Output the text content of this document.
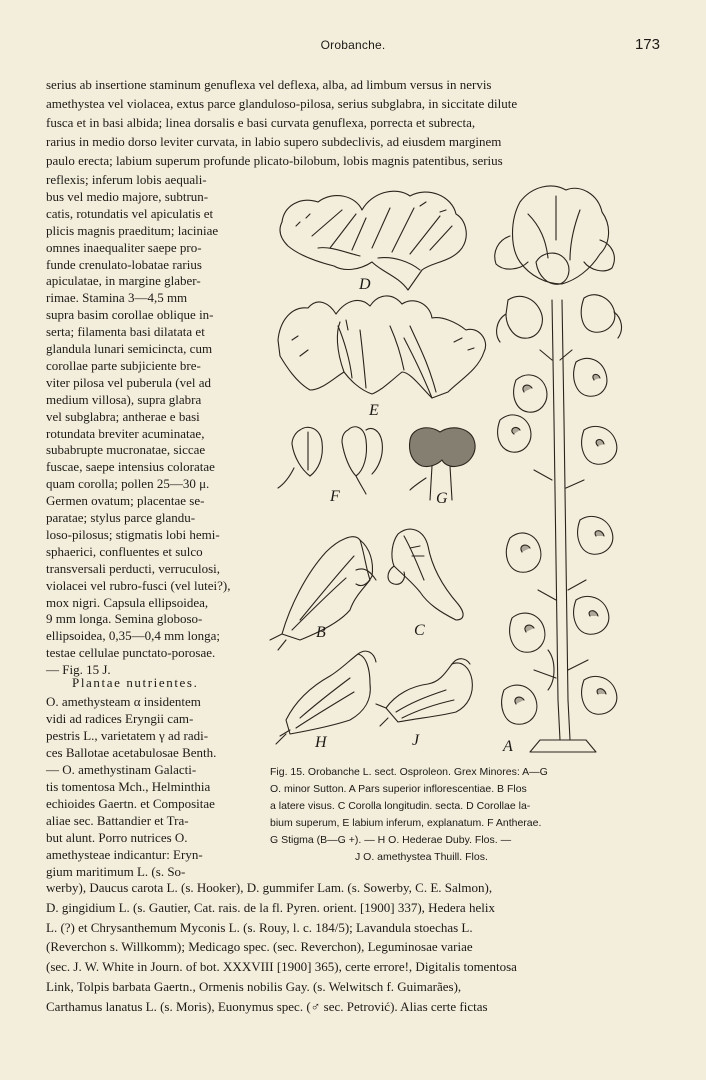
Orobanche.	173
serius ab insertione staminum genuflexa vel deflexa, alba, ad limbum versus in nervis
amethystea vel violacea, extus parce glanduloso-pilosa, serius subglabra, in siccitate dilute
fusca et in basi albida; linea dorsalis e basi curvata genuflexa, porrecta et subrecta,
rarius in medio dorso leviter curvata, in labio supero subdeclivis, ad eiusdem marginem
paulo erecta; labium superum profunde plicato-bilobum, lobis magnis patentibus, serius
reflexis; inferum lobis aequali-
bus vel medio majore, subtrun-
catis, rotundatis vel apiculatis et
plicis magnis praeditum; laciniae
omnes inaequaliter saepe pro-
funde crenulato-lobatae rarius
apiculatae, in margine glaber-
rimae. Stamina 3—4,5 mm
supra basim corollae oblique in-
serta; filamenta basi dilatata et
glandula lunari semicincta, cum
corollae parte subjiciente bre-
viter pilosa vel puberula (vel ad
medium villosa), supra glabra
vel subglabra; antherae e basi
rotundata breviter acuminatae,
subabrupte mucronatae, siccae
fuscae, saepe intensius coloratae
quam corolla; pollen 25—30 μ.
Germen ovatum; placentae se-
paratae; stylus parce glandu-
loso-pilosus; stigmatis lobi hemi-
sphaerici, confluentes et sulco
transversali perducti, verruculosi,
violacei vel rubro-fusci (vel lutei?),
mox nigri. Capsula ellipsoidea,
9 mm longa. Semina globoso-
ellipsoidea, 0,35—0,4 mm longa;
testae cellulae punctato-porosae.
— Fig. 15 J.
Plantae nutrientes.
O. amethysteam α insidentem
vidi ad radices Eryngii cam-
pestris L., varietatem γ ad radi-
ces Ballotae acetabulosae Benth.
— O. amethystinam Galacti-
tis tomentosa Mch., Helminthia
echioides Gaertn. et Compositae
aliae sec. Battandier et Tra-
but alunt. Porro nutrices O.
amethysteae indicantur: Eryn-
gium maritimum L. (s. So-
werby), Daucus carota L. (s. Hooker), D. gummifer Lam. (s. Sowerby, C. E. Salmon),
D. gingidium L. (s. Gautier, Cat. rais. de la fl. Pyren. orient. [1900] 337), Hedera helix
L. (?) et Chrysanthemum Myconis L. (s. Rouy, l. c. 184/5); Lavandula stoechas L.
(Reverchon s. Willkomm); Medicago spec. (sec. Reverchon), Leguminosae variae
(sec. J. W. White in Journ. of bot. XXXVIII [1900] 365), certe errore!, Digitalis tomentosa
Link, Tolpis barbata Gaertn., Ormenis nobilis Gay. (s. Welwitsch f. Guimarães),
Carthamus lanatus L. (s. Moris), Euonymus spec. (♂ sec. Petrović). Alias certe fictas
D
E
F	G
B	C
H	J	A
Fig. 15. Orobanche L. sect. Osproleon. Grex Minores: A—G
O. minor Sutton. A Pars superior inflorescentiae. B Flos
a latere visus. C Corolla longitudin. secta. D Corollae la-
bium superum, E labium inferum, explanatum. F Antherae.
G Stigma (B—G +). — H O. Hederae Duby. Flos. —
J O. amethystea Thuill. Flos.
